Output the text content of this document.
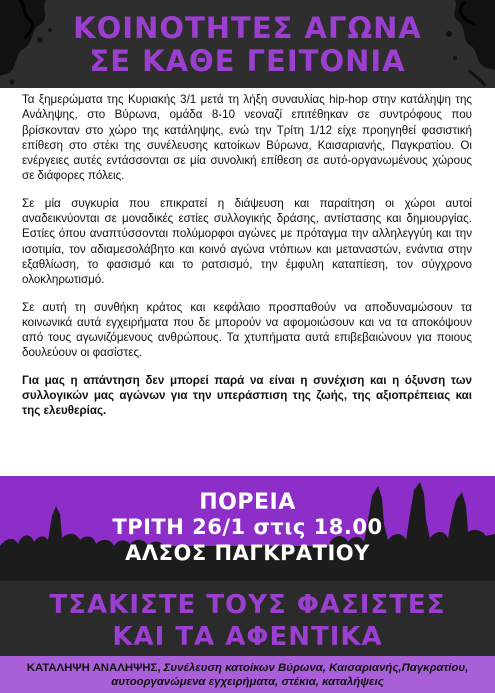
ΚΟΙΝΟΤΗΤΕΣ ΑΓΩΝΑ
ΣΕ ΚΑΘΕ ΓΕΙΤΟΝΙΑ

Τα ξημερώματα της Κυριακής 3/1 μετά τη λήξη συναυλίας hip-hop στην κατάληψη της Ανάληψης, στο Βύρωνα, ομάδα 8-10 νεοναζί επιτέθηκαν σε συντρόφους που βρίσκονταν στο χώρο της κατάληψης, ενώ την Τρίτη 1/12 είχε προηγηθεί φασιστική επίθεση στο στέκι της συνέλευσης κατοίκων Βύρωνα, Καισαριανής, Παγκρατίου. Οι ενέργειες αυτές εντάσσονται σε μία συνολική επίθεση σε αυτό-οργανωμένους χώρους σε διάφορες πόλεις.

Σε μία συγκυρία που επικρατεί η διάψευση και παραίτηση οι χώροι αυτοί αναδεικνύονται σε μοναδικές εστίες συλλογικής δράσης, αντίστασης και δημιουργίας. Εστίες όπου αναπτύσσονται πολύμορφοι αγώνες με πρόταγμα την αλληλεγγύη και την ισοτιμία, τον αδιαμεσολάβητο και κοινό αγώνα ντόπιων και μεταναστών, ενάντια στην εξαθλίωση, το φασισμό και το ρατσισμό, την έμφυλη καταπίεση, τον σύγχρονο ολοκληρωτισμό.

Σε αυτή τη συνθήκη κράτος και κεφάλαιο προσπαθούν να αποδυναμώσουν τα κοινωνικά αυτά εγχειρήματα που δε μπορούν να αφομοιώσουν και να τα αποκόψουν από τους αγωνιζόμενους ανθρώπους. Τα χτυπήματα αυτά επιβεβαιώνουν για ποιους δουλεύουν οι φασίστες.

Για μας η απάντηση δεν μπορεί παρά να είναι η συνέχιση και η όξυνση των συλλογικών μας αγώνων για την υπεράσπιση της ζωής, της αξιοπρέπειας και της ελευθερίας.

ΠΟΡΕΙΑ
ΤΡΙΤΗ 26/1 στις 18.00
ΑΛΣΟΣ ΠΑΓΚΡΑΤΙΟΥ
ΤΣΑΚΙΣΤΕ ΤΟΥΣ ΦΑΣΙΣΤΕΣ
ΚΑΙ ΤΑ ΑΦΕΝΤΙΚΑ
ΚΑΤΑΛΗΨΗ ΑΝΑΛΗΨΗΣ, Συνέλευση κατοίκων Βύρωνα, Καισαριανής,Παγκρατίου,
αυτοοργανώμενα εγχειρήματα, στέκια, καταλήψεις
